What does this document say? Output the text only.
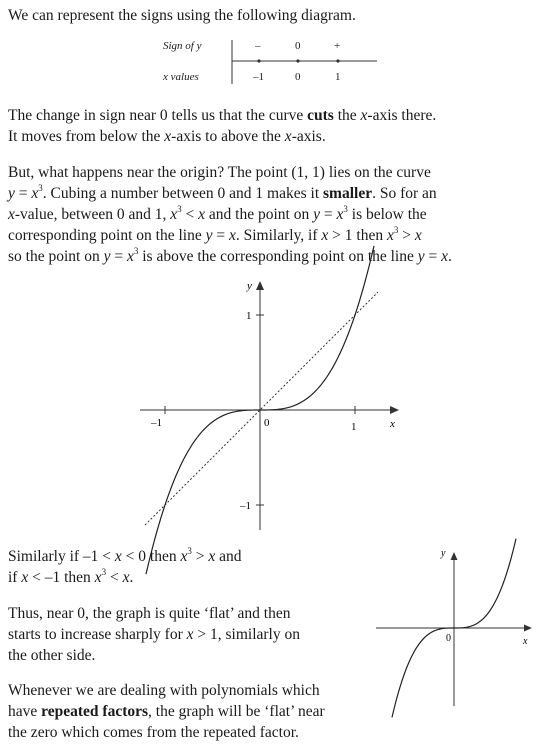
We can represent the signs using the following diagram.

Sign of y
x values
–	0	+
–1	0	1

The change in sign near 0 tells us that the curve cuts the x-axis there.
It moves from below the x-axis to above the x-axis.

But, what happens near the origin? The point (1, 1) lies on the curve
$y = x^3$. Cubing a number between 0 and 1 makes it smaller. So for an
x-value, between 0 and 1, $x^3 < x$ and the point on $y = x^3$ is below the
corresponding point on the line y = x. Similarly, if x > 1 then $x^3 > x$
so the point on $y = x^3$ is above the corresponding point on the line y = x.

y
x
0	1
–1
1
–1

Similarly if –1 < x < 0 then $x^3 > x$ and
if x < –1 then $x^3 < x$.

Thus, near 0, the graph is quite ‘flat’ and then
starts to increase sharply for x > 1, similarly on
the other side.

Whenever we are dealing with polynomials which
have repeated factors, the graph will be ‘flat’ near
the zero which comes from the repeated factor.

y
x
0
